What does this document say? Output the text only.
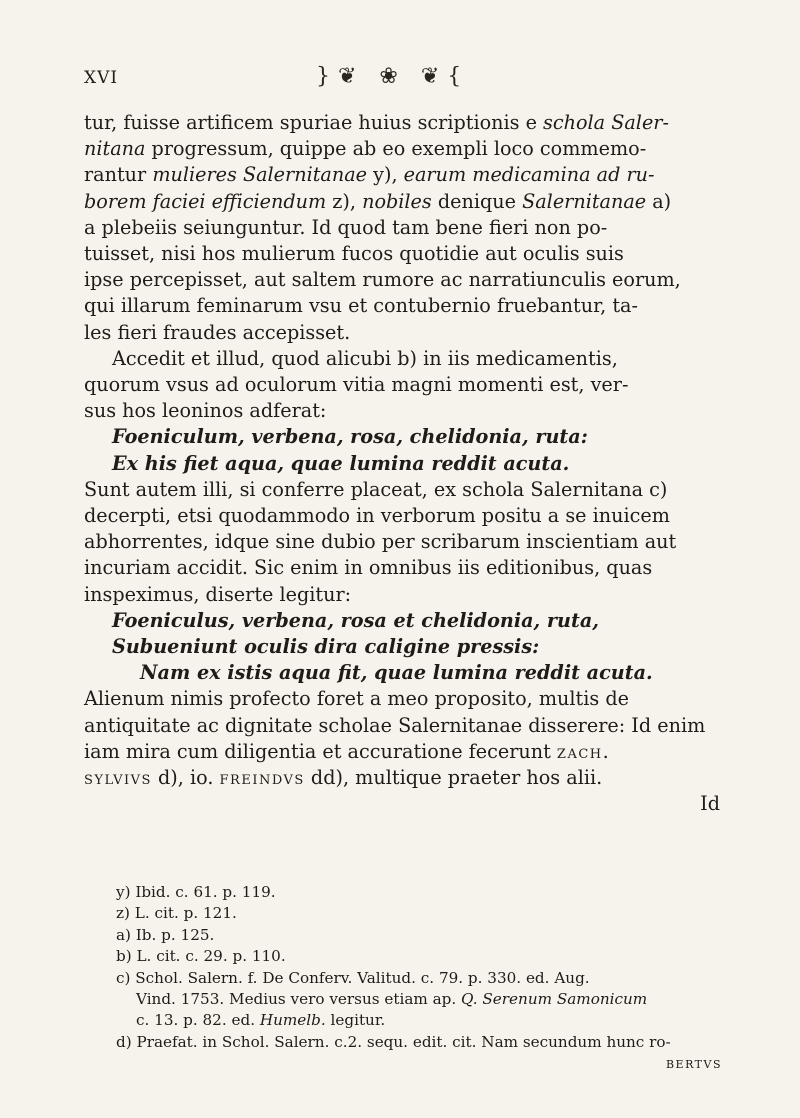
XVI	}❦ ❀ ❦{
tur, fuisse artificem spuriae huius scriptionis e schola Saler-
nitana progressum, quippe ab eo exempli loco commemo-
rantur mulieres Salernitanae y), earum medicamina ad ru-
borem faciei efficiendum z), nobiles denique Salernitanae a)
a plebeiis seiunguntur. Id quod tam bene fieri non po-
tuisset, nisi hos mulierum fucos quotidie aut oculis suis
ipse percepisset, aut saltem rumore ac narratiunculis eorum,
qui illarum feminarum vsu et contubernio fruebantur, ta-
les fieri fraudes accepisset.
Accedit et illud, quod alicubi b) in iis medicamentis,
quorum vsus ad oculorum vitia magni momenti est, ver-
sus hos leoninos adferat:
Foeniculum, verbena, rosa, chelidonia, ruta:
Ex his fiet aqua, quae lumina reddit acuta.
Sunt autem illi, si conferre placeat, ex schola Salernitana c)
decerpti, etsi quodammodo in verborum positu a se inuicem
abhorrentes, idque sine dubio per scribarum inscientiam aut
incuriam accidit. Sic enim in omnibus iis editionibus, quas
inspeximus, diserte legitur:
Foeniculus, verbena, rosa et chelidonia, ruta,
Subueniunt oculis dira caligine pressis:
Nam ex istis aqua fit, quae lumina reddit acuta.
Alienum nimis profecto foret a meo proposito, multis de
antiquitate ac dignitate scholae Salernitanae disserere: Id enim
iam mira cum diligentia et accuratione fecerunt zach.
sylvivs d), io. freindvs dd), multique praeter hos alii.
Id
y) Ibid. c. 61. p. 119.
z) L. cit. p. 121.
a) Ib. p. 125.
b) L. cit. c. 29. p. 110.
c) Schol. Salern. f. De Conferv. Valitud. c. 79. p. 330. ed. Aug.
Vind. 1753. Medius vero versus etiam ap. Q. Serenum Samonicum
c. 13. p. 82. ed. Humelb. legitur.
d) Praefat. in Schol. Salern. c.2. sequ. edit. cit. Nam secundum hunc ro-
bertvs
